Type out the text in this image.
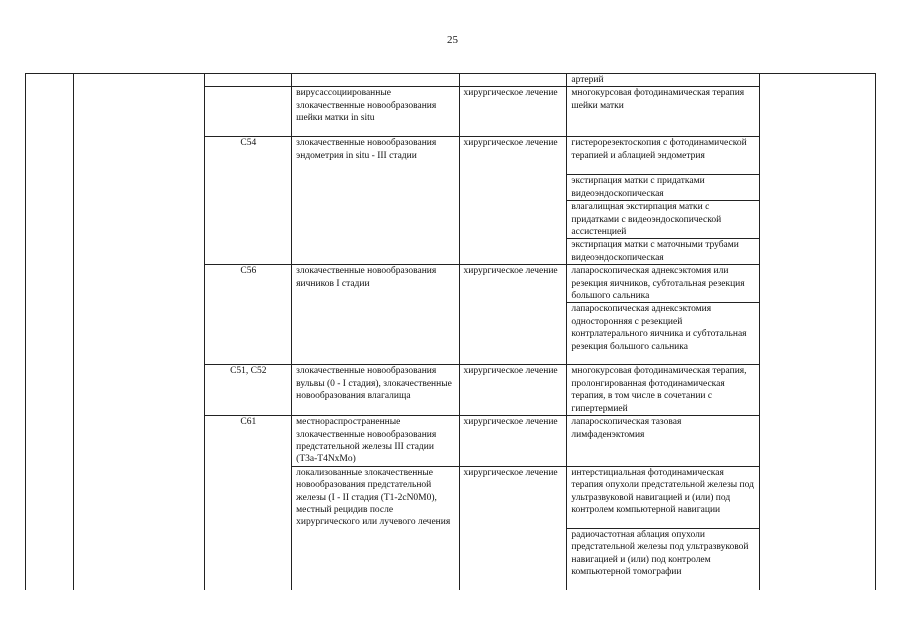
25
					артерий	
			вирусассоциированные злокачественные новообразования шейки матки in situ	хирургическое лечение	многокурсовая фотодинамическая терапия шейки матки	
		C54	злокачественные новообразования эндометрия in situ - III стадии	хирургическое лечение	гистерорезектоскопия с фотодинамической терапией и аблацией эндометрия	
					экстирпация матки с придатками видеоэндоскопическая	
					влагалищная экстирпация матки с придатками с видеоэндоскопической ассистенцией	
					экстирпация матки с маточными трубами видеоэндоскопическая	
		C56	злокачественные новообразования яичников I стадии	хирургическое лечение	лапароскопическая аднексэктомия или резекция яичников, субтотальная резекция большого сальника	
					лапароскопическая аднексэктомия односторонняя с резекцией контрлатерального яичника и субтотальная резекция большого сальника	
		C51, C52	злокачественные новообразования вульвы (0 - I стадия), злокачественные новообразования влагалища	хирургическое лечение	многокурсовая фотодинамическая терапия, пролонгированная фотодинамическая терапия, в том числе в сочетании с гипертермией	
		C61	местнораспространенные злокачественные новообразования предстательной железы III стадии (T3a-T4NxMo)	хирургическое лечение	лапароскопическая тазовая лимфаденэктомия	
			локализованные злокачественные новообразования предстательной железы (I - II стадия (T1-2cN0M0), местный рецидив после хирургического или лучевого лечения	хирургическое лечение	интерстициальная фотодинамическая терапия опухоли предстательной железы под ультразвуковой навигацией и (или) под контролем компьютерной навигации	
					радиочастотная аблация опухоли предстательной железы под ультразвуковой навигацией и (или) под контролем компьютерной томографии	
